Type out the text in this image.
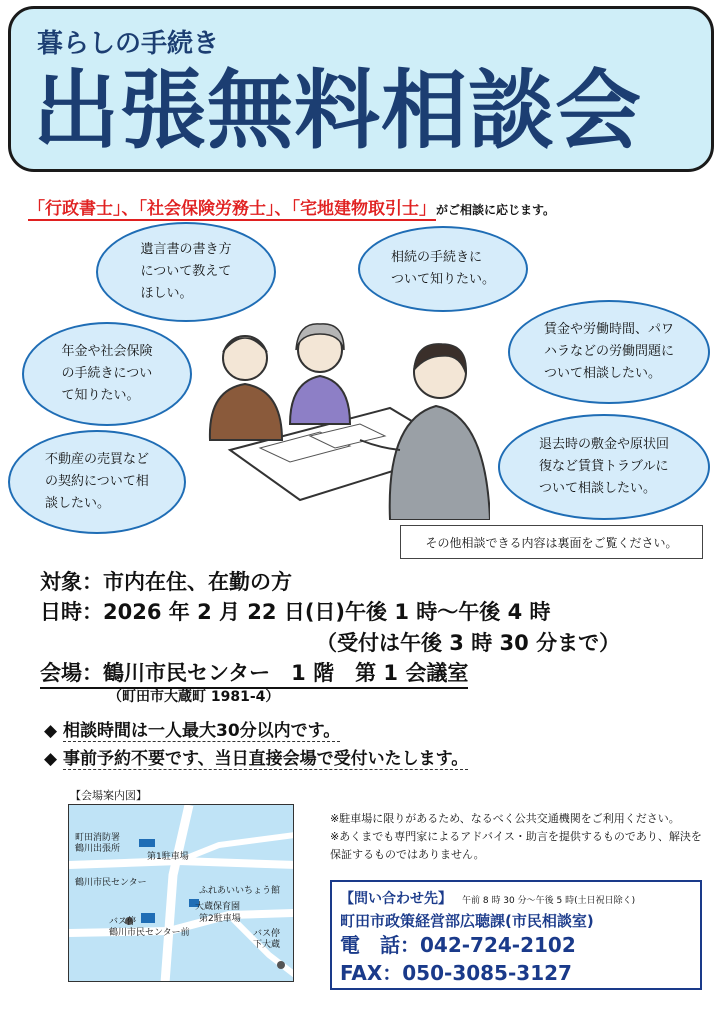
暮らしの手続き
出張無料相談会
「行政書士」、「社会保険労務士」、「宅地建物取引士」がご相談に応じます。
遺言書の書き方
について教えて
ほしい。
相続の手続きに
ついて知りたい。
年金や社会保険
の手続きについ
て知りたい。
賃金や労働時間、パワ
ハラなどの労働問題に
ついて相談したい。
不動産の売買など
の契約について相
談したい。
退去時の敷金や原状回
復など賃貸トラブルに
ついて相談したい。
その他相談できる内容は裏面をご覧ください。
対象：市内在住、在勤の方
日時：2026 年 2 月 22 日(日)午後 1 時～午後 4 時
（受付は午後 3 時 30 分まで）
会場：鶴川市民センター　1 階　第 1 会議室
（町田市大蔵町 1981-4）
◆ 相談時間は一人最大30分以内です。
◆ 事前予約不要です、当日直接会場で受付いたします。
【会場案内図】
町田消防署
鶴川出張所
第1駐車場
鶴川市民センター
ふれあいいちょう館
大蔵保育園
第2駐車場
バス停
鶴川市民センター前	バス停
下大蔵

※駐車場に限りがあるため、なるべく公共交通機関をご利用ください。

※あくまでも専門家によるアドバイス・助言を提供するものであり、解決を保証するものではありません。

【問い合わせ先】 午前 8 時 30 分～午後 5 時(土日祝日除く)
町田市政策経営部広聴課(市民相談室)
電　話：042-724-2102
FAX：050-3085-3127
